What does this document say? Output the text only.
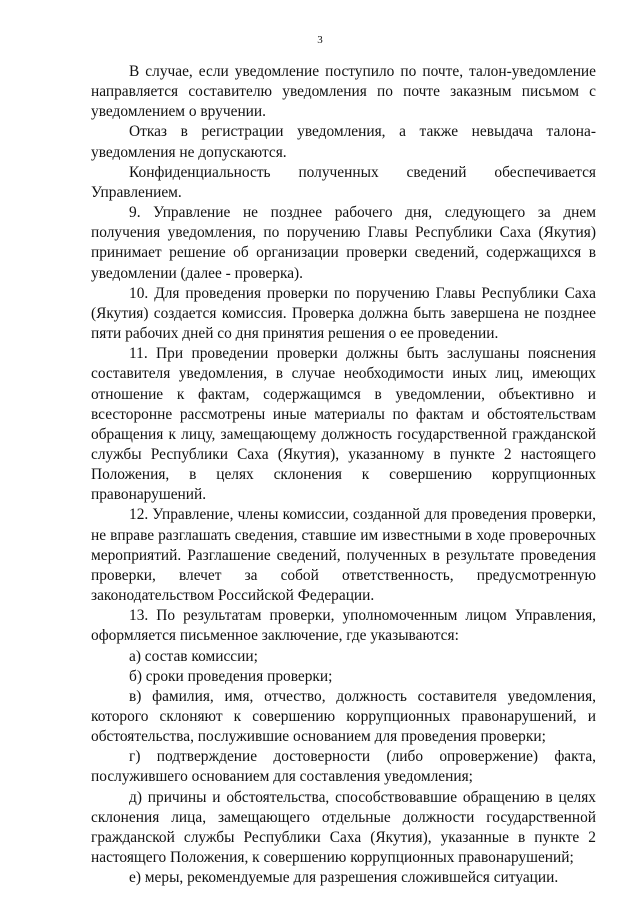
3

В случае, если уведомление поступило по почте, талон-уведомление направляется составителю уведомления по почте заказным письмом с уведомлением о вручении.

Отказ в регистрации уведомления, а также невыдача талона-уведомления не допускаются.

Конфиденциальность полученных сведений обеспечивается Управлением.

9. Управление не позднее рабочего дня, следующего за днем получения уведомления, по поручению Главы Республики Саха (Якутия) принимает решение об организации проверки сведений, содержащихся в уведомлении (далее - проверка).

10. Для проведения проверки по поручению Главы Республики Саха (Якутия) создается комиссия. Проверка должна быть завершена не позднее пяти рабочих дней со дня принятия решения о ее проведении.

11. При проведении проверки должны быть заслушаны пояснения составителя уведомления, в случае необходимости иных лиц, имеющих отношение к фактам, содержащимся в уведомлении, объективно и всесторонне рассмотрены иные материалы по фактам и обстоятельствам обращения к лицу, замещающему должность государственной гражданской службы Республики Саха (Якутия), указанному в пункте 2 настоящего Положения, в целях склонения к совершению коррупционных правонарушений.

12. Управление, члены комиссии, созданной для проведения проверки, не вправе разглашать сведения, ставшие им известными в ходе проверочных мероприятий. Разглашение сведений, полученных в результате проведения проверки, влечет за собой ответственность, предусмотренную законодательством Российской Федерации.

13. По результатам проверки, уполномоченным лицом Управления, оформляется письменное заключение, где указываются:

а) состав комиссии;

б) сроки проведения проверки;

в) фамилия, имя, отчество, должность составителя уведомления, которого склоняют к совершению коррупционных правонарушений, и обстоятельства, послужившие основанием для проведения проверки;

г) подтверждение достоверности (либо опровержение) факта, послужившего основанием для составления уведомления;

д) причины и обстоятельства, способствовавшие обращению в целях склонения лица, замещающего отдельные должности государственной гражданской службы Республики Саха (Якутия), указанные в пункте 2 настоящего Положения, к совершению коррупционных правонарушений;

е) меры, рекомендуемые для разрешения сложившейся ситуации.
